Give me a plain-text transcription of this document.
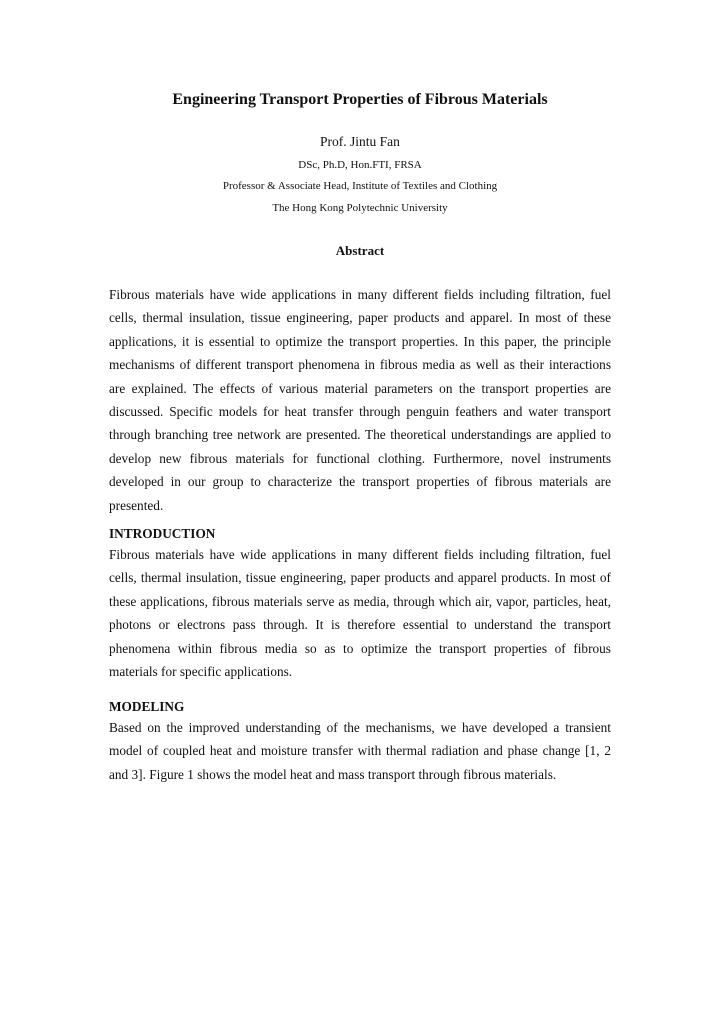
Engineering Transport Properties of Fibrous Materials

Prof. Jintu Fan

DSc, Ph.D, Hon.FTI, FRSA

Professor & Associate Head, Institute of Textiles and Clothing

The Hong Kong Polytechnic University

Abstract

Fibrous materials have wide applications in many different fields including filtration, fuel cells, thermal insulation, tissue engineering, paper products and apparel. In most of these applications, it is essential to optimize the transport properties. In this paper, the principle mechanisms of different transport phenomena in fibrous media as well as their interactions are explained. The effects of various material parameters on the transport properties are discussed. Specific models for heat transfer through penguin feathers and water transport through branching tree network are presented. The theoretical understandings are applied to develop new fibrous materials for functional clothing. Furthermore, novel instruments developed in our group to characterize the transport properties of fibrous materials are presented.

INTRODUCTION

Fibrous materials have wide applications in many different fields including filtration, fuel cells, thermal insulation, tissue engineering, paper products and apparel products. In most of these applications, fibrous materials serve as media, through which air, vapor, particles, heat, photons or electrons pass through. It is therefore essential to understand the transport phenomena within fibrous media so as to optimize the transport properties of fibrous materials for specific applications.

MODELING

Based on the improved understanding of the mechanisms, we have developed a transient model of coupled heat and moisture transfer with thermal radiation and phase change [1, 2 and 3]. Figure 1 shows the model heat and mass transport through fibrous materials.
